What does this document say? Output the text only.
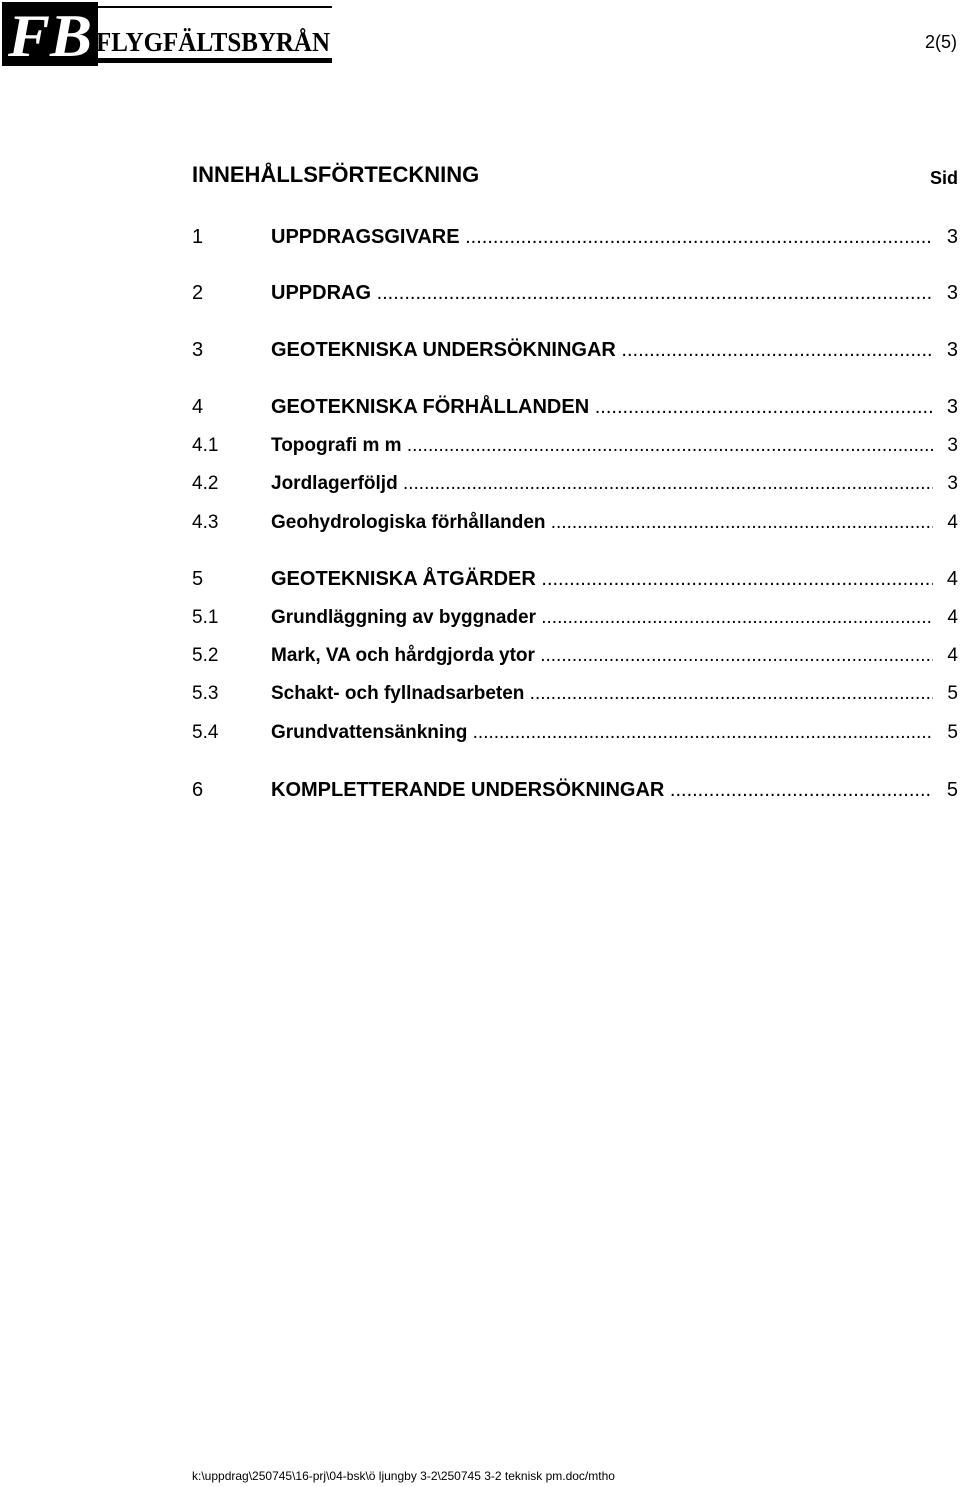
FB FLYGFÄLTSBYRÅN	2(5)
INNEHÅLLSFÖRTECKNING	Sid
1	UPPDRAGSGIVARE .....	3
2	UPPDRAG .....	3
3	GEOTEKNISKA UNDERSÖKNINGAR .....	3
4	GEOTEKNISKA FÖRHÅLLANDEN .....	3
4.1	Topografi m m .....	3
4.2	Jordlagerföljd .....	3
4.3	Geohydrologiska förhållanden .....	4
5	GEOTEKNISKA ÅTGÄRDER .....	4
5.1	Grundläggning av byggnader .....	4
5.2	Mark, VA och hårdgjorda ytor .....	4
5.3	Schakt- och fyllnadsarbeten .....	5
5.4	Grundvattensänkning .....	5
6	KOMPLETTERANDE UNDERSÖKNINGAR .....	5
k:\uppdrag\250745\16-prj\04-bsk\ö ljungby 3-2\250745 3-2 teknisk pm.doc/mtho
